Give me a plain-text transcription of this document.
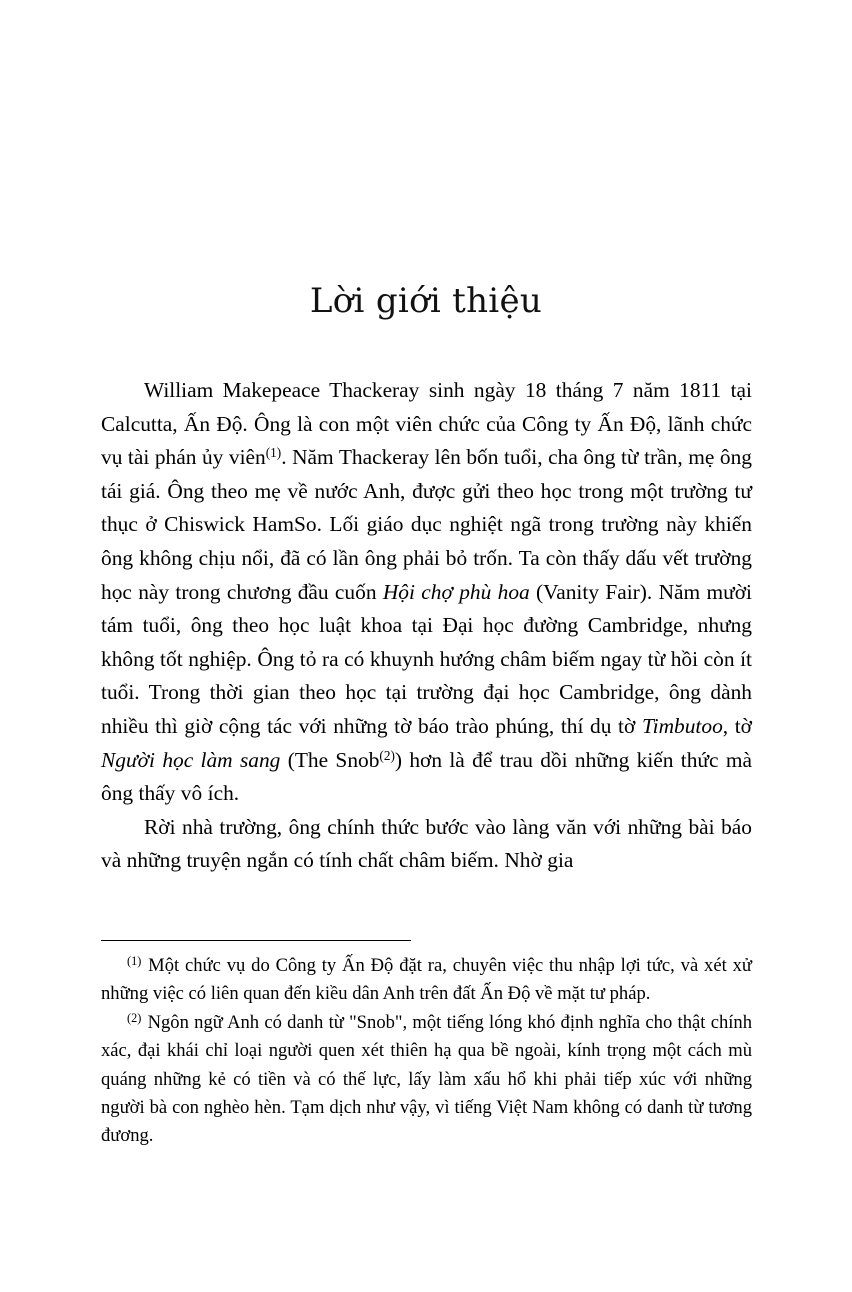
Lời giới thiệu

William Makepeace Thackeray sinh ngày 18 tháng 7 năm 1811 tại Calcutta, Ấn Độ. Ông là con một viên chức của Công ty Ấn Độ, lãnh chức vụ tài phán ủy viên$^{(1)}$. Năm Thackeray lên bốn tuổi, cha ông từ trần, mẹ ông tái giá. Ông theo mẹ về nước Anh, được gửi theo học trong một trường tư thục ở Chiswick HamSo. Lối giáo dục nghiệt ngã trong trường này khiến ông không chịu nổi, đã có lần ông phải bỏ trốn. Ta còn thấy dấu vết trường học này trong chương đầu cuốn Hội chợ phù hoa (Vanity Fair). Năm mười tám tuổi, ông theo học luật khoa tại Đại học đường Cambridge, nhưng không tốt nghiệp. Ông tỏ ra có khuynh hướng châm biếm ngay từ hồi còn ít tuổi. Trong thời gian theo học tại trường đại học Cambridge, ông dành nhiều thì giờ cộng tác với những tờ báo trào phúng, thí dụ tờ Timbutoo, tờ Người học làm sang (The Snob$^{(2)}$) hơn là để trau dồi những kiến thức mà ông thấy vô ích.

Rời nhà trường, ông chính thức bước vào làng văn với những bài báo và những truyện ngắn có tính chất châm biếm. Nhờ gia

$^{(1)}$ Một chức vụ do Công ty Ấn Độ đặt ra, chuyên việc thu nhập lợi tức, và xét xử những việc có liên quan đến kiều dân Anh trên đất Ấn Độ về mặt tư pháp.

$^{(2)}$ Ngôn ngữ Anh có danh từ "Snob", một tiếng lóng khó định nghĩa cho thật chính xác, đại khái chỉ loại người quen xét thiên hạ qua bề ngoài, kính trọng một cách mù quáng những kẻ có tiền và có thế lực, lấy làm xấu hổ khi phải tiếp xúc với những người bà con nghèo hèn. Tạm dịch như vậy, vì tiếng Việt Nam không có danh từ tương đương.
